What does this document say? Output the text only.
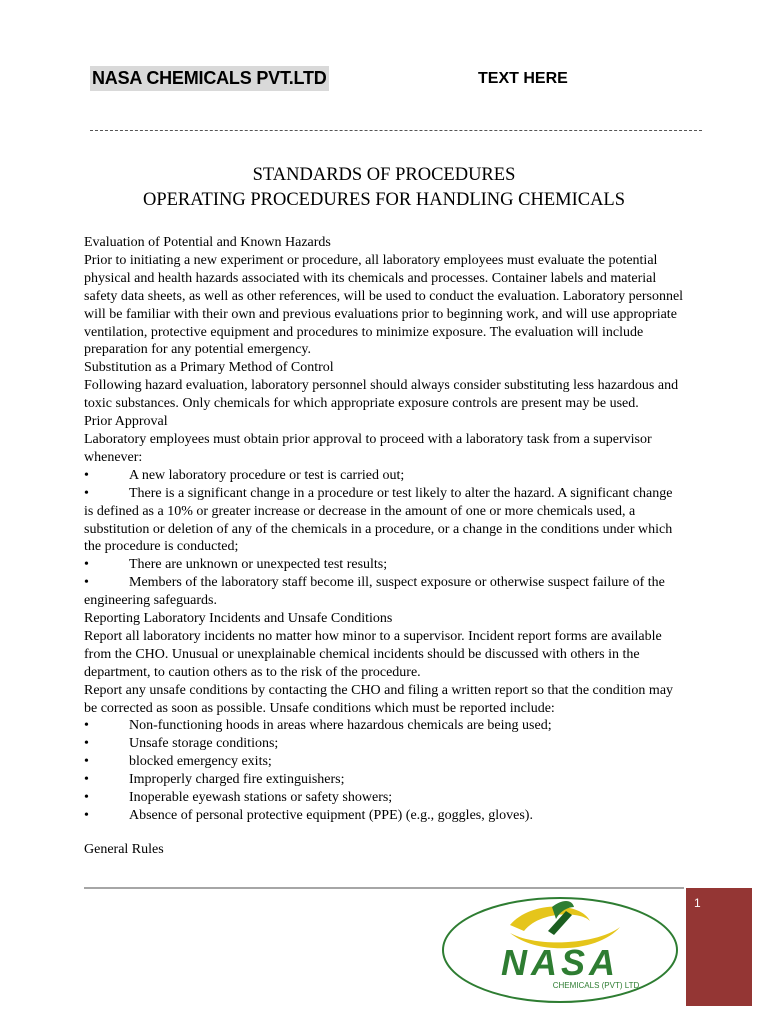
NASA CHEMICALS PVT.LTD	TEXT HERE
STANDARDS OF PROCEDURES
OPERATING PROCEDURES FOR HANDLING CHEMICALS

Evaluation of Potential and Known Hazards

Prior to initiating a new experiment or procedure, all laboratory employees must evaluate the potential physical and health hazards associated with its chemicals and processes. Container labels and material safety data sheets, as well as other references, will be used to conduct the evaluation. Laboratory personnel will be familiar with their own and previous evaluations prior to beginning work, and will use appropriate ventilation, protective equipment and procedures to minimize exposure. The evaluation will include preparation for any potential emergency.

Substitution as a Primary Method of Control

Following hazard evaluation, laboratory personnel should always consider substituting less hazardous and toxic substances. Only chemicals for which appropriate exposure controls are present may be used.

Prior Approval

Laboratory employees must obtain prior approval to proceed with a laboratory task from a supervisor whenever:

•	A new laboratory procedure or test is carried out;

•	There is a significant change in a procedure or test likely to alter the hazard. A significant change is defined as a 10% or greater increase or decrease in the amount of one or more chemicals used, a substitution or deletion of any of the chemicals in a procedure, or a change in the conditions under which the procedure is conducted;

•	There are unknown or unexpected test results;

•	Members of the laboratory staff become ill, suspect exposure or otherwise suspect failure of the engineering safeguards.

Reporting Laboratory Incidents and Unsafe Conditions

Report all laboratory incidents no matter how minor to a supervisor. Incident report forms are available from the CHO. Unusual or unexplainable chemical incidents should be discussed with others in the department, to caution others as to the risk of the procedure.

Report any unsafe conditions by contacting the CHO and filing a written report so that the condition may be corrected as soon as possible. Unsafe conditions which must be reported include:

•	Non-functioning hoods in areas where hazardous chemicals are being used;

•	Unsafe storage conditions;

•	blocked emergency exits;

•	Improperly charged fire extinguishers;

•	Inoperable eyewash stations or safety showers;

•	Absence of personal protective equipment (PPE) (e.g., goggles, gloves).

General Rules

NASA
CHEMICALS (PVT) LTD
1
